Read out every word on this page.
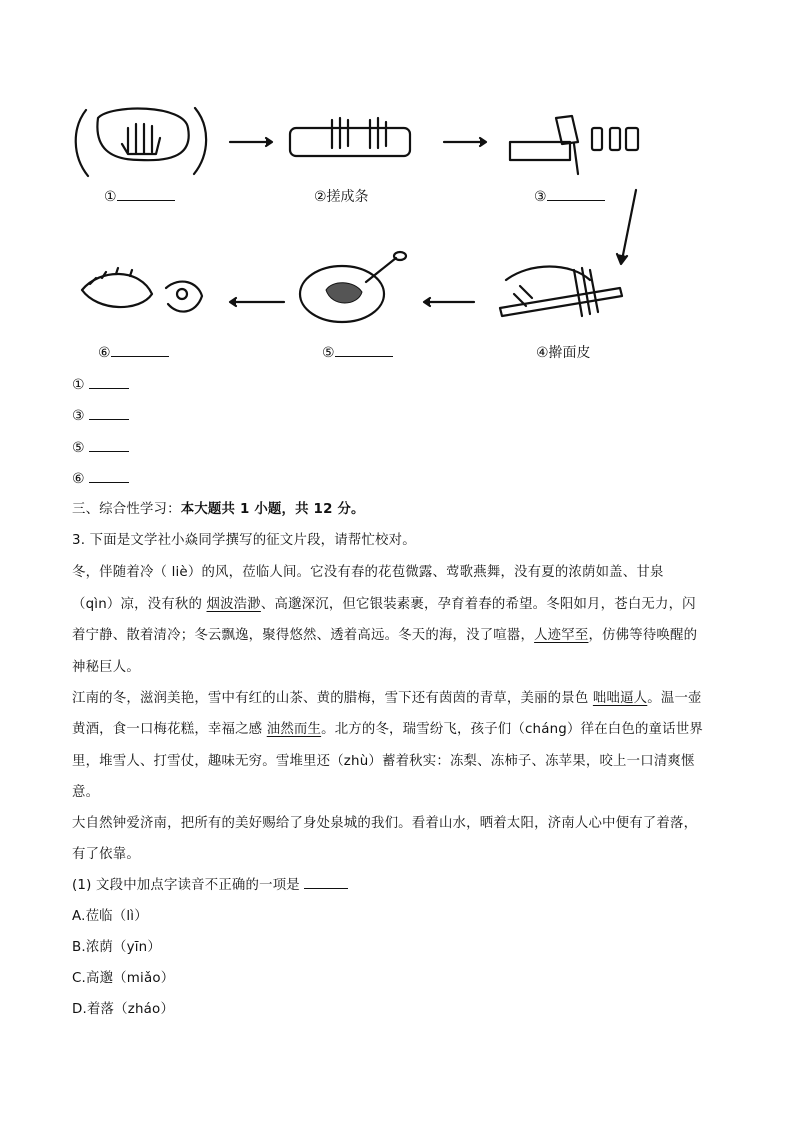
①	②搓成条	③
④擀面皮
⑤
⑥
①
③
⑤
⑥
三、综合性学习：本大题共 1 小题，共 12 分。
3. 下面是文学社小焱同学撰写的征文片段，请帮忙校对。
冬，伴随着冷（ liè）的风，莅临人间。它没有春的花苞微露、莺歌燕舞，没有夏的浓荫如盖、甘泉
（qìn）凉，没有秋的 烟波浩渺、高邈深沉，但它银装素裹，孕育着春的希望。冬阳如月，苍白无力，闪
着宁静、散着清冷；冬云飘逸，聚得悠然、透着高远。冬天的海，没了喧嚣，人迹罕至，仿佛等待唤醒的
神秘巨人。
江南的冬，滋润美艳，雪中有红的山茶、黄的腊梅，雪下还有茵茵的青草，美丽的景色 咄咄逼人。温一壶
黄酒，食一口梅花糕，幸福之感 油然而生。北方的冬，瑞雪纷飞，孩子们（cháng）徉在白色的童话世界
里，堆雪人、打雪仗，趣味无穷。雪堆里还（zhù）蓄着秋实：冻梨、冻柿子、冻苹果，咬上一口清爽惬
意。
大自然钟爱济南，把所有的美好赐给了身处泉城的我们。看着山水，晒着太阳，济南人心中便有了着落，
有了依靠。
(1) 文段中加点字读音不正确的一项是
A.莅临（lì）
B.浓荫（yīn）
C.高邈（miǎo）
D.着落（zháo）
